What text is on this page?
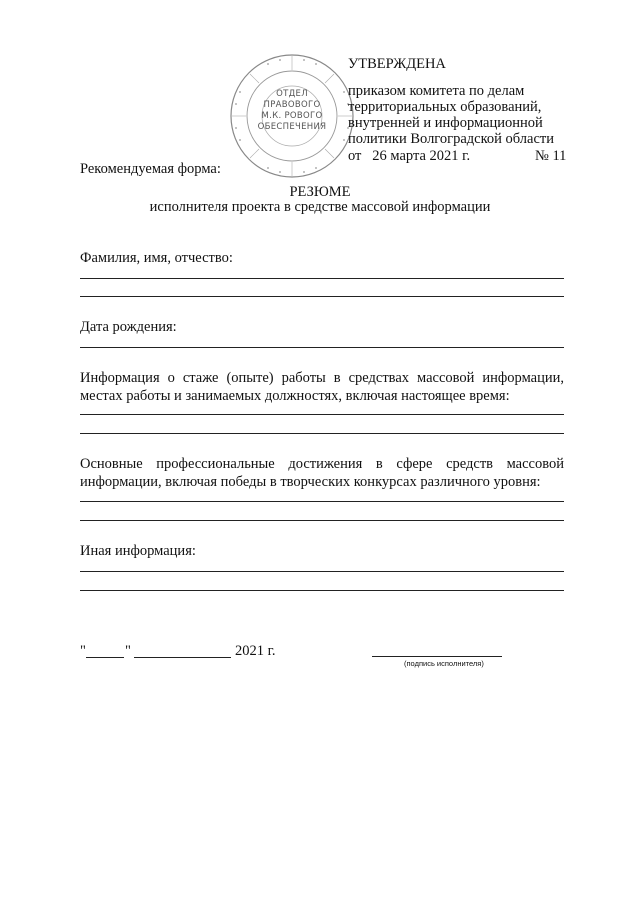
ОТДЕЛ
ПРАВОВОГО
М.К. РОВОГО
ОБЕСПЕЧЕНИЯ
УТВЕРЖДЕНА
приказом комитета по делам
территориальных образований,
внутренней и информационной
политики Волгоградской области
от   26 марта 2021 г.	№ 11
Рекомендуемая форма:
РЕЗЮМЕ
исполнителя проекта в средстве массовой информации
Фамилия, имя, отчество:
Дата рождения:
Информация о стаже (опыте) работы в средствах массовой информации, местах работы и занимаемых должностях, включая настоящее время:
Основные профессиональные достижения в сфере средств массовой информации, включая победы в творческих конкурсах различного уровня:
Иная информация:
"	"	2021 г.
(подпись исполнителя)
